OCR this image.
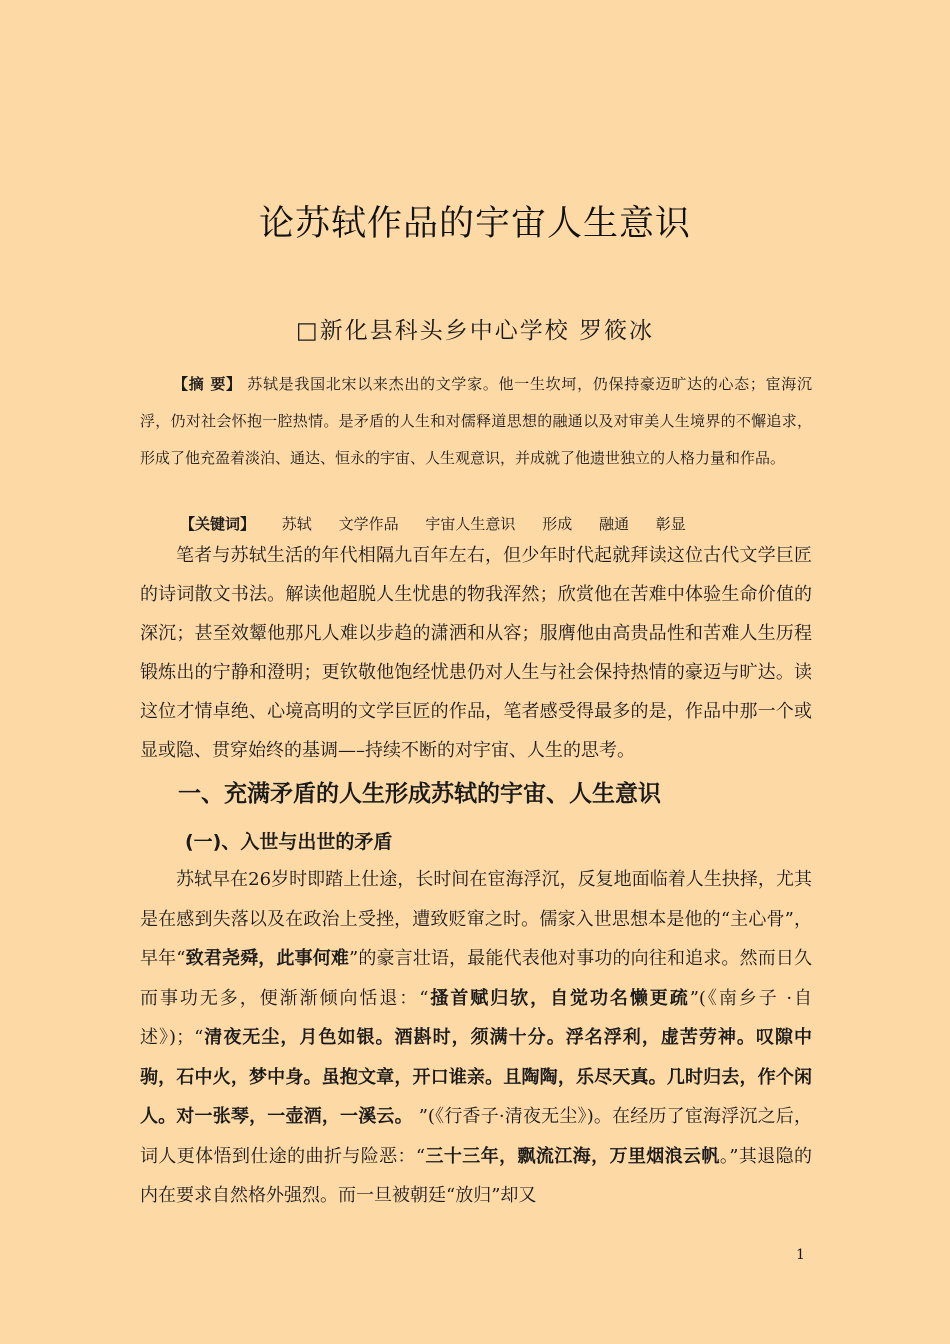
论苏轼作品的宇宙人生意识
□新化县科头乡中心学校 罗筱冰
【摘 要】 苏轼是我国北宋以来杰出的文学家。他一生坎坷，仍保持豪迈旷达的心态；宦海沉浮，仍对社会怀抱一腔热情。是矛盾的人生和对儒释道思想的融通以及对审美人生境界的不懈追求，形成了他充盈着淡泊、通达、恒永的宇宙、人生观意识，并成就了他遗世独立的人格力量和作品。
【关键词】 苏轼 文学作品 宇宙人生意识 形成 融通 彰显
笔者与苏轼生活的年代相隔九百年左右，但少年时代起就拜读这位古代文学巨匠的诗词散文书法。解读他超脱人生忧患的物我浑然；欣赏他在苦难中体验生命价值的深沉；甚至效颦他那凡人难以步趋的潇洒和从容；服膺他由高贵品性和苦难人生历程锻炼出的宁静和澄明；更钦敬他饱经忧患仍对人生与社会保持热情的豪迈与旷达。读这位才情卓绝、心境高明的文学巨匠的作品，笔者感受得最多的是，作品中那一个或显或隐、贯穿始终的基调—–持续不断的对宇宙、人生的思考。
一、充满矛盾的人生形成苏轼的宇宙、人生意识
(一)、入世与出世的矛盾
苏轼早在26岁时即踏上仕途，长时间在宦海浮沉，反复地面临着人生抉择，尤其是在感到失落以及在政治上受挫，遭致贬窜之时。儒家入世思想本是他的“主心骨”，早年“致君尧舜，此事何难”的豪言壮语，最能代表他对事功的向往和追求。然而日久而事功无多，便渐渐倾向恬退：“搔首赋归欤，自觉功名懒更疏”(《南乡子 ·自述》)；“清夜无尘，月色如银。酒斟时，须满十分。浮名浮利，虚苦劳神。叹隙中驹，石中火，梦中身。虽抱文章，开口谁亲。且陶陶，乐尽天真。几时归去，作个闲人。对一张琴，一壶酒，一溪云。 ”(《行香子·清夜无尘》)。在经历了宦海浮沉之后，词人更体悟到仕途的曲折与险恶：“三十三年，飘流江海，万里烟浪云帆。”其退隐的内在要求自然格外强烈。而一旦被朝廷“放归”却又
1
